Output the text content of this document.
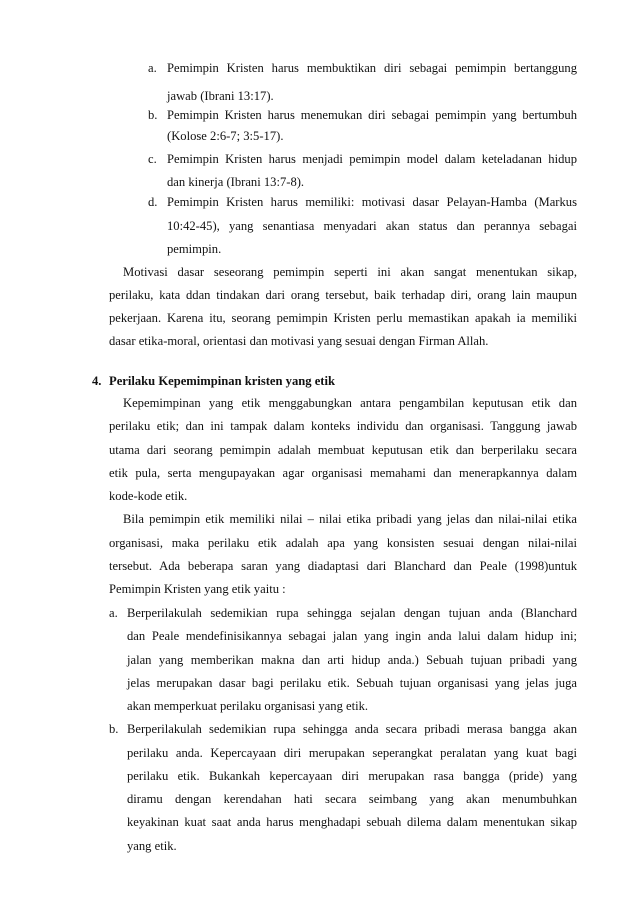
a. Pemimpin Kristen harus membuktikan diri sebagai pemimpin bertanggung
jawab (Ibrani 13:17).
b. Pemimpin Kristen harus menemukan diri sebagai pemimpin yang bertumbuh
(Kolose 2:6-7; 3:5-17).
c. Pemimpin Kristen harus menjadi pemimpin model dalam keteladanan hidup
dan kinerja (Ibrani 13:7-8).
d. Pemimpin Kristen harus memiliki: motivasi dasar Pelayan-Hamba (Markus
10:42-45), yang senantiasa menyadari akan status dan perannya sebagai
pemimpin.
Motivasi dasar seseorang pemimpin seperti ini akan sangat menentukan sikap,
perilaku, kata ddan tindakan dari orang tersebut, baik terhadap diri, orang lain maupun
pekerjaan. Karena itu, seorang pemimpin Kristen perlu memastikan apakah ia memiliki
dasar etika-moral, orientasi dan motivasi yang sesuai dengan Firman Allah.
4. Perilaku Kepemimpinan kristen yang etik
Kepemimpinan yang etik menggabungkan antara pengambilan keputusan etik dan
perilaku etik; dan ini tampak dalam konteks individu dan organisasi. Tanggung jawab
utama dari seorang pemimpin adalah membuat keputusan etik dan berperilaku secara
etik pula, serta mengupayakan agar organisasi memahami dan menerapkannya dalam
kode-kode etik.
Bila pemimpin etik memiliki nilai – nilai etika pribadi yang jelas dan nilai-nilai etika
organisasi, maka perilaku etik adalah apa yang konsisten sesuai dengan nilai-nilai
tersebut. Ada beberapa saran yang diadaptasi dari Blanchard dan Peale (1998)untuk
Pemimpin Kristen yang etik yaitu :
a. Berperilakulah sedemikian rupa sehingga sejalan dengan tujuan anda (Blanchard
dan Peale mendefinisikannya sebagai jalan yang ingin anda lalui dalam hidup ini;
jalan yang memberikan makna dan arti hidup anda.) Sebuah tujuan pribadi yang
jelas merupakan dasar bagi perilaku etik. Sebuah tujuan organisasi yang jelas juga
akan memperkuat perilaku organisasi yang etik.
b. Berperilakulah sedemikian rupa sehingga anda secara pribadi merasa bangga akan
perilaku anda. Kepercayaan diri merupakan seperangkat peralatan yang kuat bagi
perilaku etik. Bukankah kepercayaan diri merupakan rasa bangga (pride) yang
diramu dengan kerendahan hati secara seimbang yang akan menumbuhkan
keyakinan kuat saat anda harus menghadapi sebuah dilema dalam menentukan sikap
yang etik.
